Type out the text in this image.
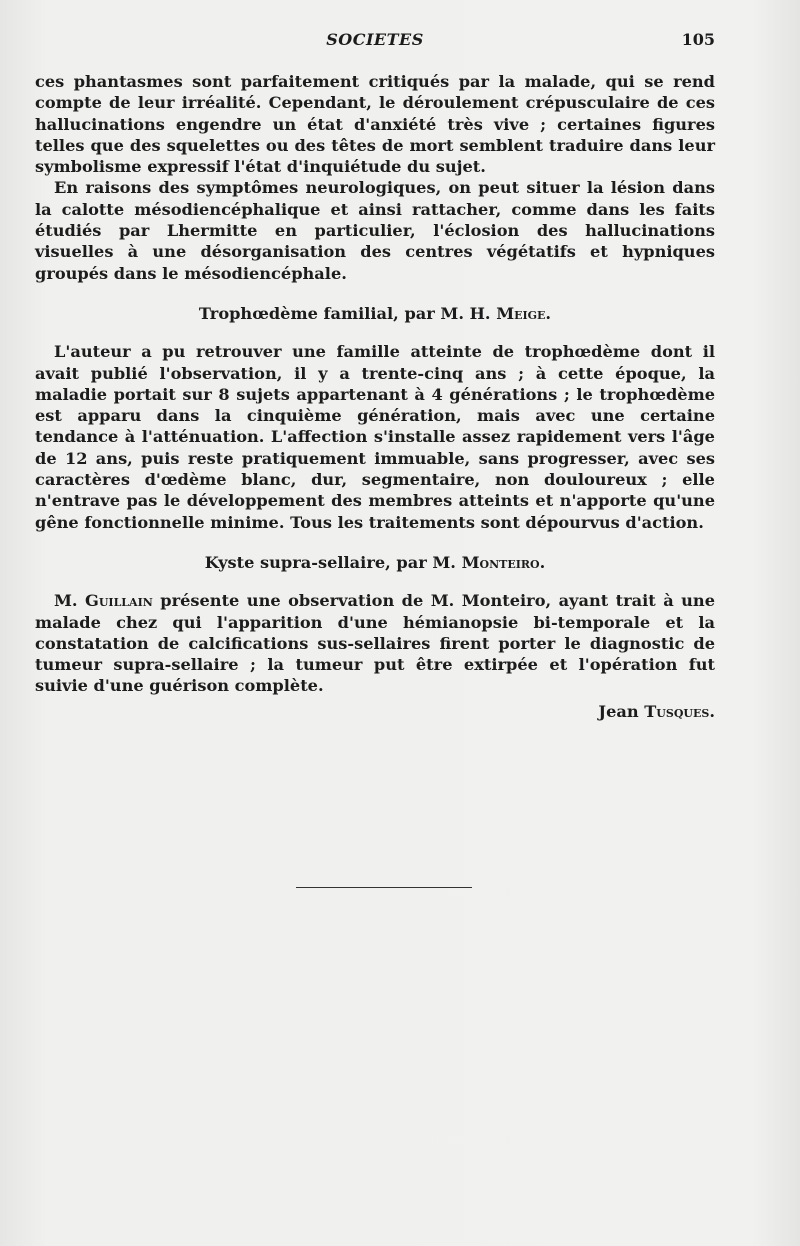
SOCIETES	105

ces phantasmes sont parfaitement critiqués par la malade, qui se rend compte de leur irréalité. Cependant, le déroulement crépusculaire de ces hallucinations engendre un état d'anxiété très vive ; certaines figures telles que des squelettes ou des têtes de mort semblent traduire dans leur symbolisme expressif l'état d'inquiétude du sujet.

En raisons des symptômes neurologiques, on peut situer la lésion dans la calotte mésodiencéphalique et ainsi rattacher, comme dans les faits étudiés par Lhermitte en particulier, l'éclosion des hallucinations visuelles à une désorganisation des centres végétatifs et hypniques groupés dans le mésodiencéphale.

Trophœdème familial, par M. H. Meige.

L'auteur a pu retrouver une famille atteinte de trophœdème dont il avait publié l'observation, il y a trente-cinq ans ; à cette époque, la maladie portait sur 8 sujets appartenant à 4 générations ; le trophœdème est apparu dans la cinquième génération, mais avec une certaine tendance à l'atténuation. L'affection s'installe assez rapidement vers l'âge de 12 ans, puis reste pratiquement immuable, sans progresser, avec ses caractères d'œdème blanc, dur, segmentaire, non douloureux ; elle n'entrave pas le développement des membres atteints et n'apporte qu'une gêne fonctionnelle minime. Tous les traitements sont dépourvus d'action.

Kyste supra-sellaire, par M. Monteiro.

M. Guillain présente une observation de M. Monteiro, ayant trait à une malade chez qui l'apparition d'une hémianopsie bi-temporale et la constatation de calcifications sus-sellaires firent porter le diagnostic de tumeur supra-sellaire ; la tumeur put être extirpée et l'opération fut suivie d'une guérison complète.

Jean Tusques.
